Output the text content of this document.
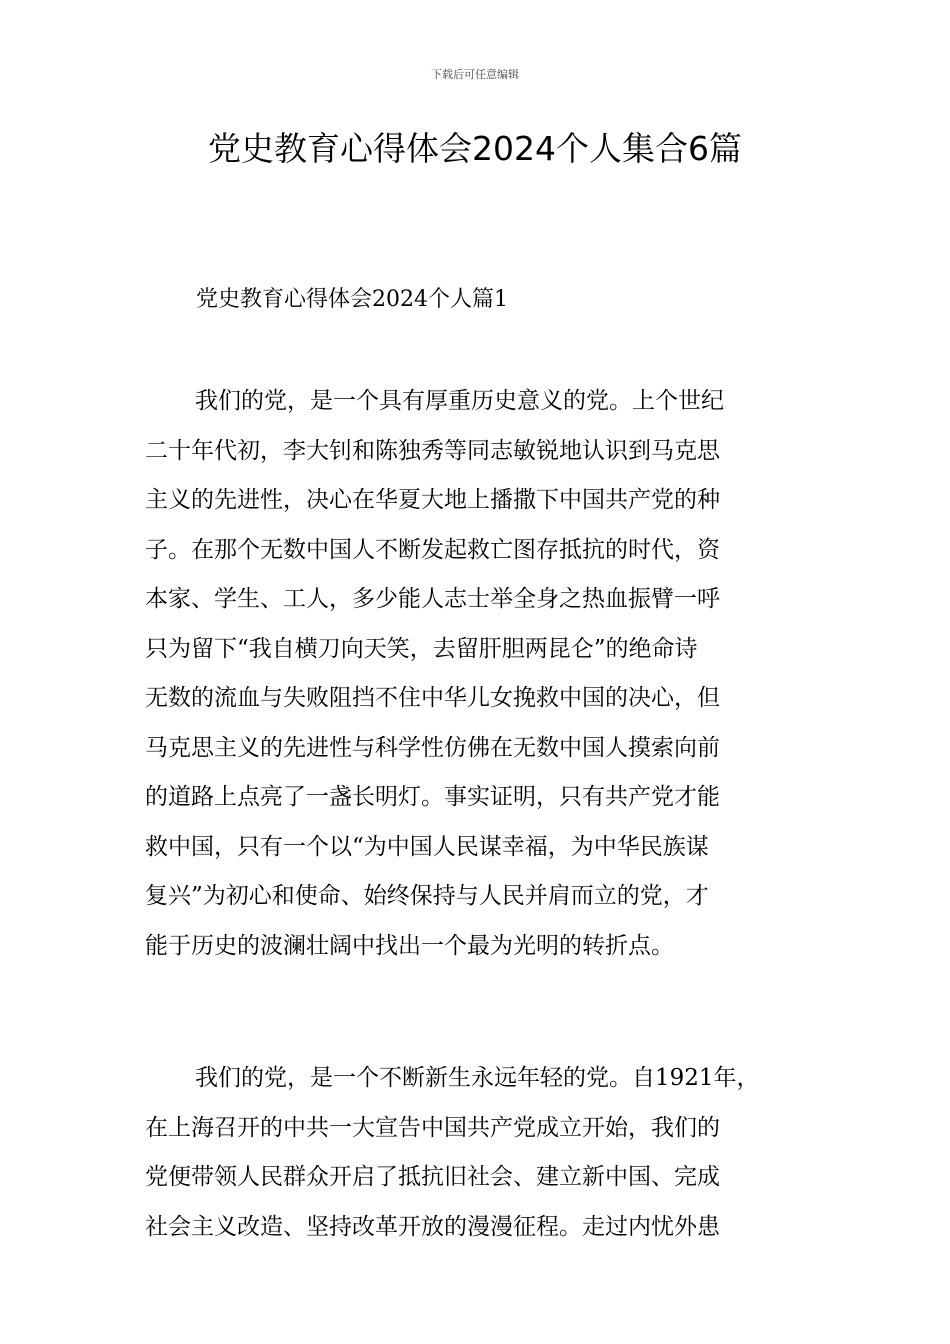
下载后可任意编辑
党史教育心得体会2024个人集合6篇
党史教育心得体会2024个人篇1
我们的党，是一个具有厚重历史意义的党。上个世纪
二十年代初，李大钊和陈独秀等同志敏锐地认识到马克思
主义的先进性，决心在华夏大地上播撒下中国共产党的种
子。在那个无数中国人不断发起救亡图存抵抗的时代，资
本家、学生、工人，多少能人志士举全身之热血振臂一呼
只为留下“我自横刀向天笑，去留肝胆两昆仑”的绝命诗
无数的流血与失败阻挡不住中华儿女挽救中国的决心，但
马克思主义的先进性与科学性仿佛在无数中国人摸索向前
的道路上点亮了一盏长明灯。事实证明，只有共产党才能
救中国，只有一个以“为中国人民谋幸福，为中华民族谋
复兴”为初心和使命、始终保持与人民并肩而立的党，才
能于历史的波澜壮阔中找出一个最为光明的转折点。
我们的党，是一个不断新生永远年轻的党。自1921年，
在上海召开的中共一大宣告中国共产党成立开始，我们的
党便带领人民群众开启了抵抗旧社会、建立新中国、完成
社会主义改造、坚持改革开放的漫漫征程。走过内忧外患
